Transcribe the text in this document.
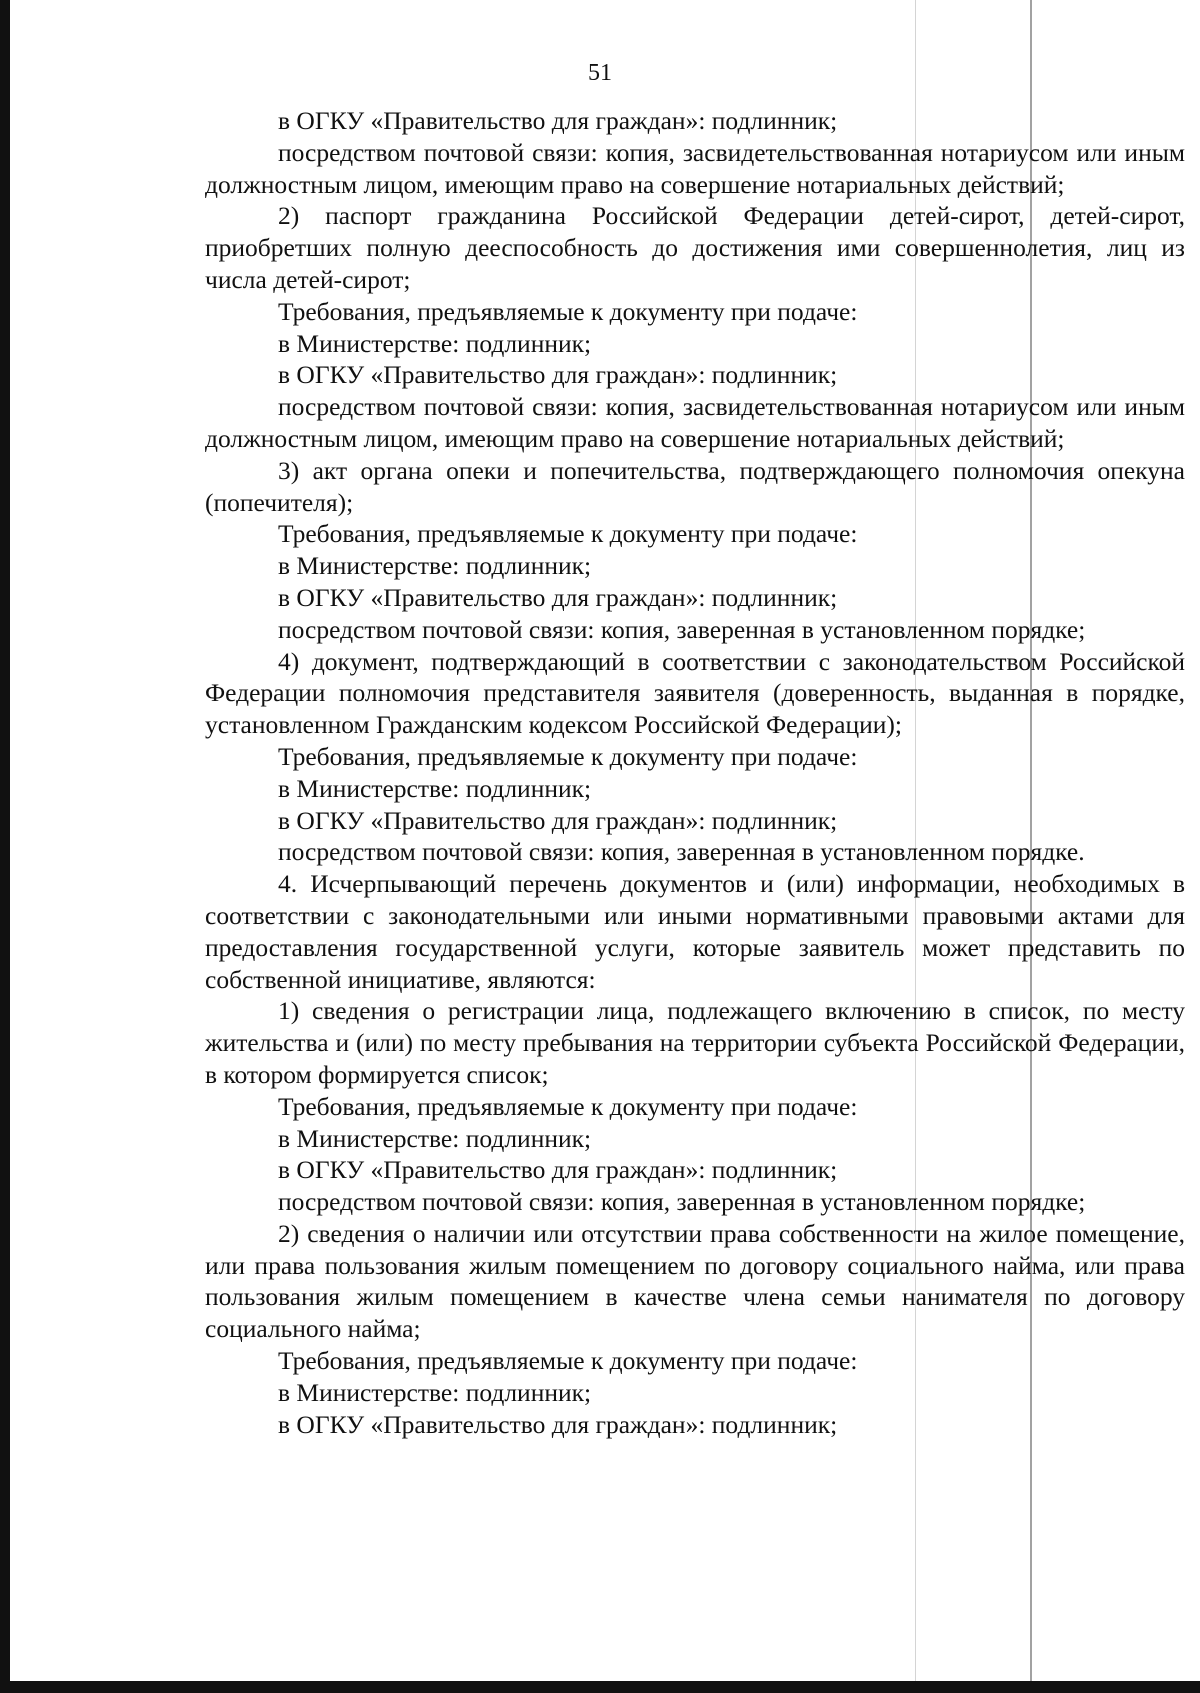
51

в ОГКУ «Правительство для граждан»: подлинник;

посредством почтовой связи: копия, засвидетельствованная нотариусом или иным должностным лицом, имеющим право на совершение нотариальных действий;

2) паспорт гражданина Российской Федерации детей-сирот, детей-сирот, приобретших полную дееспособность до достижения ими совершеннолетия, лиц из числа детей-сирот;

Требования, предъявляемые к документу при подаче:

в Министерстве: подлинник;

в ОГКУ «Правительство для граждан»: подлинник;

посредством почтовой связи: копия, засвидетельствованная нотариусом или иным должностным лицом, имеющим право на совершение нотариальных действий;

3) акт органа опеки и попечительства, подтверждающего полномочия опекуна (попечителя);

Требования, предъявляемые к документу при подаче:

в Министерстве: подлинник;

в ОГКУ «Правительство для граждан»: подлинник;

посредством почтовой связи: копия, заверенная в установленном порядке;

4) документ, подтверждающий в соответствии с законодательством Российской Федерации полномочия представителя заявителя (доверенность, выданная в порядке, установленном Гражданским кодексом Российской Федерации);

Требования, предъявляемые к документу при подаче:

в Министерстве: подлинник;

в ОГКУ «Правительство для граждан»: подлинник;

посредством почтовой связи: копия, заверенная в установленном порядке.

4. Исчерпывающий перечень документов и (или) информации, необходимых в соответствии с законодательными или иными нормативными правовыми актами для предоставления государственной услуги, которые заявитель может представить по собственной инициативе, являются:

1) сведения о регистрации лица, подлежащего включению в список, по месту жительства и (или) по месту пребывания на территории субъекта Российской Федерации, в котором формируется список;

Требования, предъявляемые к документу при подаче:

в Министерстве: подлинник;

в ОГКУ «Правительство для граждан»: подлинник;

посредством почтовой связи: копия, заверенная в установленном порядке;

2) сведения о наличии или отсутствии права собственности на жилое помещение, или права пользования жилым помещением по договору социального найма, или права пользования жилым помещением в качестве члена семьи нанимателя по договору социального найма;

Требования, предъявляемые к документу при подаче:

в Министерстве: подлинник;

в ОГКУ «Правительство для граждан»: подлинник;
